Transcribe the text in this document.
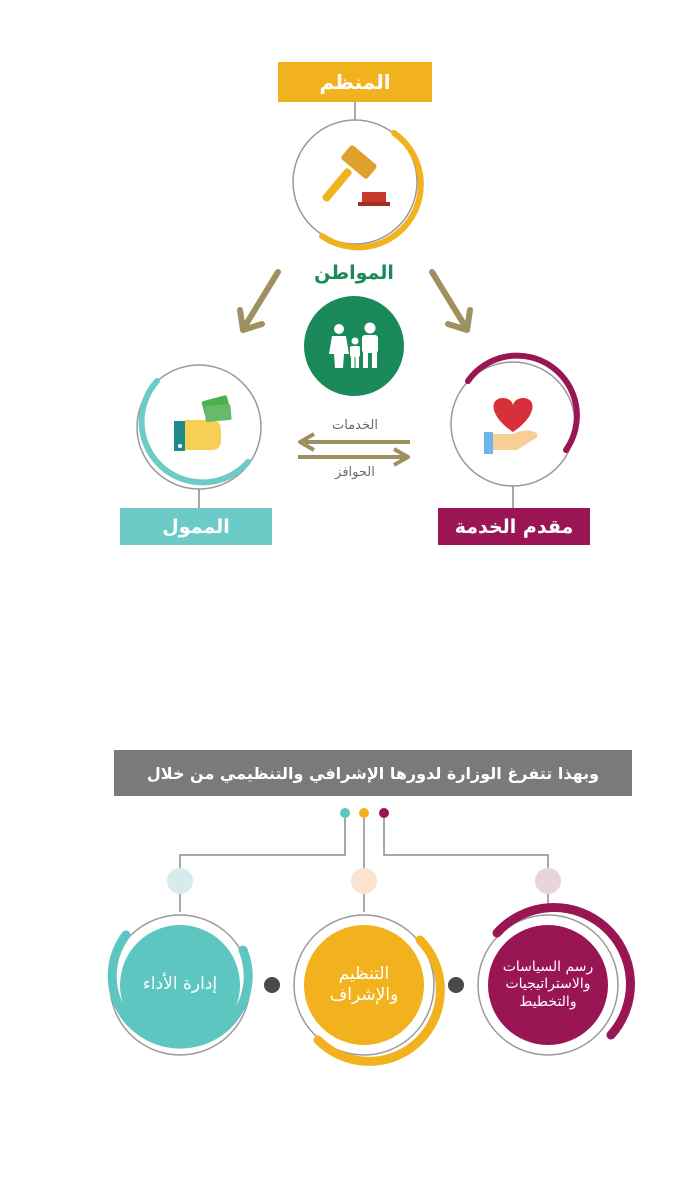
المنظم
المواطن
الممول	مقدم الخدمة
الخدمات
الحوافز
وبهذا تتفرغ الوزارة لدورها الإشرافي والتنظيمي من خلال
رسم السياسات والاستراتيجيات والتخطيط
التنظيم والإشراف
إدارة الأداء
